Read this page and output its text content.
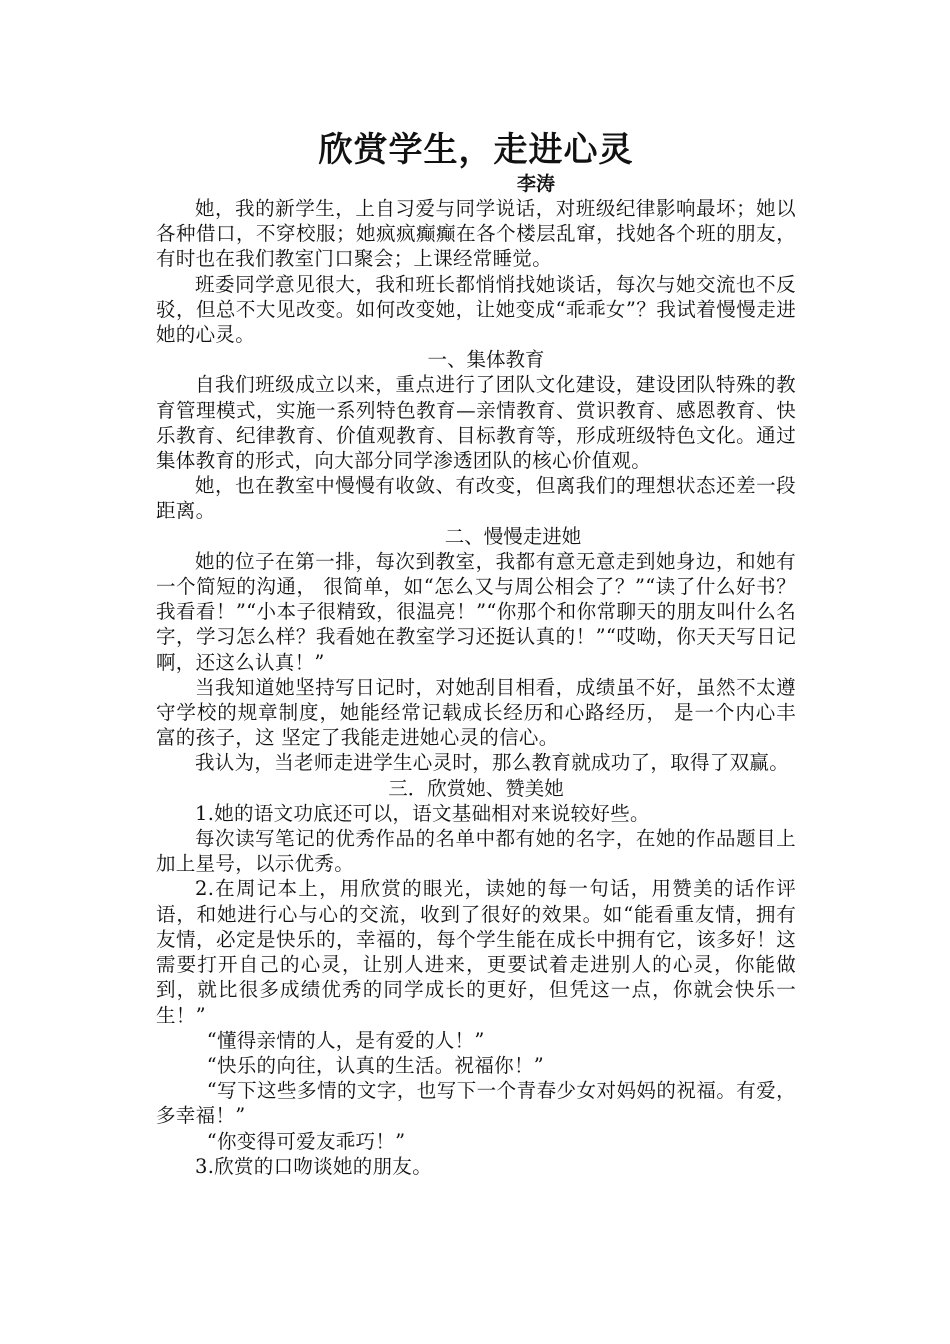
欣赏学生，走进心灵

李涛

她，我的新学生，上自习爱与同学说话，对班级纪律影响最坏；她以各种借口，不穿校服；她疯疯癫癫在各个楼层乱窜，找她各个班的朋友，有时也在我们教室门口聚会；上课经常睡觉。

班委同学意见很大，我和班长都悄悄找她谈话，每次与她交流也不反驳，但总不大见改变。如何改变她，让她变成“乖乖女”？我试着慢慢走进她的心灵。

一、集体教育

自我们班级成立以来，重点进行了团队文化建设，建设团队特殊的教育管理模式，实施一系列特色教育—亲情教育、赏识教育、感恩教育、快乐教育、纪律教育、价值观教育、目标教育等，形成班级特色文化。通过集体教育的形式，向大部分同学渗透团队的核心价值观。

她，也在教室中慢慢有收敛、有改变，但离我们的理想状态还差一段距离。

二、慢慢走进她

她的位子在第一排，每次到教室，我都有意无意走到她身边，和她有一个简短的沟通， 很简单，如“怎么又与周公相会了？”“读了什么好书？我看看！”“小本子很精致，很温亮！”“你那个和你常聊天的朋友叫什么名字，学习怎么样？我看她在教室学习还挺认真的！”“哎呦，你天天写日记啊，还这么认真！”

当我知道她坚持写日记时，对她刮目相看，成绩虽不好，虽然不太遵守学校的规章制度，她能经常记载成长经历和心路经历， 是一个内心丰富的孩子，这 坚定了我能走进她心灵的信心。

我认为，当老师走进学生心灵时，那么教育就成功了，取得了双赢。

三．欣赏她、赞美她

1.她的语文功底还可以，语文基础相对来说较好些。

每次读写笔记的优秀作品的名单中都有她的名字，在她的作品题目上加上星号，以示优秀。

2.在周记本上，用欣赏的眼光，读她的每一句话，用赞美的话作评语，和她进行心与心的交流，收到了很好的效果。如“能看重友情，拥有友情，必定是快乐的，幸福的，每个学生能在成长中拥有它，该多好！这需要打开自己的心灵，让别人进来，更要试着走进别人的心灵，你能做到，就比很多成绩优秀的同学成长的更好，但凭这一点，你就会快乐一生！”

“懂得亲情的人，是有爱的人！”

“快乐的向往，认真的生活。祝福你！”

“写下这些多情的文字，也写下一个青春少女对妈妈的祝福。有爱，多幸福！”

“你变得可爱友乖巧！”

3.欣赏的口吻谈她的朋友。
